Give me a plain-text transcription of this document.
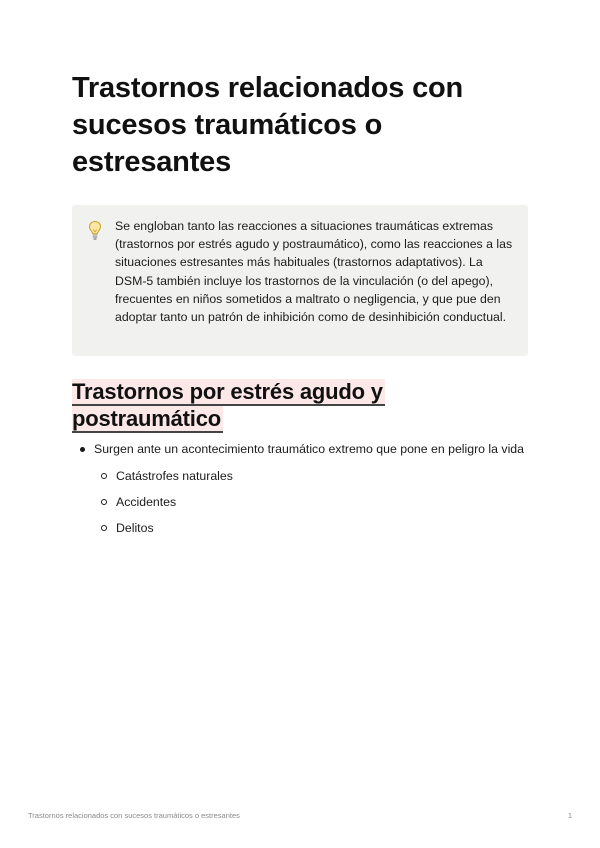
Trastornos relacionados con sucesos traumáticos o estresantes

Se engloban tanto las reacciones a situaciones traumáticas extremas (trastornos por estrés agudo y postraumático), como las reacciones a las situaciones estresantes más habituales (trastornos adaptativos). La DSM-5 también incluye los trastornos de la vinculación (o del apego), frecuentes en niños sometidos a maltrato o negligencia, y que pue den adoptar tanto un patrón de inhibición como de desinhibición conductual.

Trastornos por estrés agudo y postraumático
Surgen ante un acontecimiento traumático extremo que pone en peligro la vida
Catástrofes naturales
Accidentes
Delitos
Trastornos relacionados con sucesos traumáticos o estresantes	1
